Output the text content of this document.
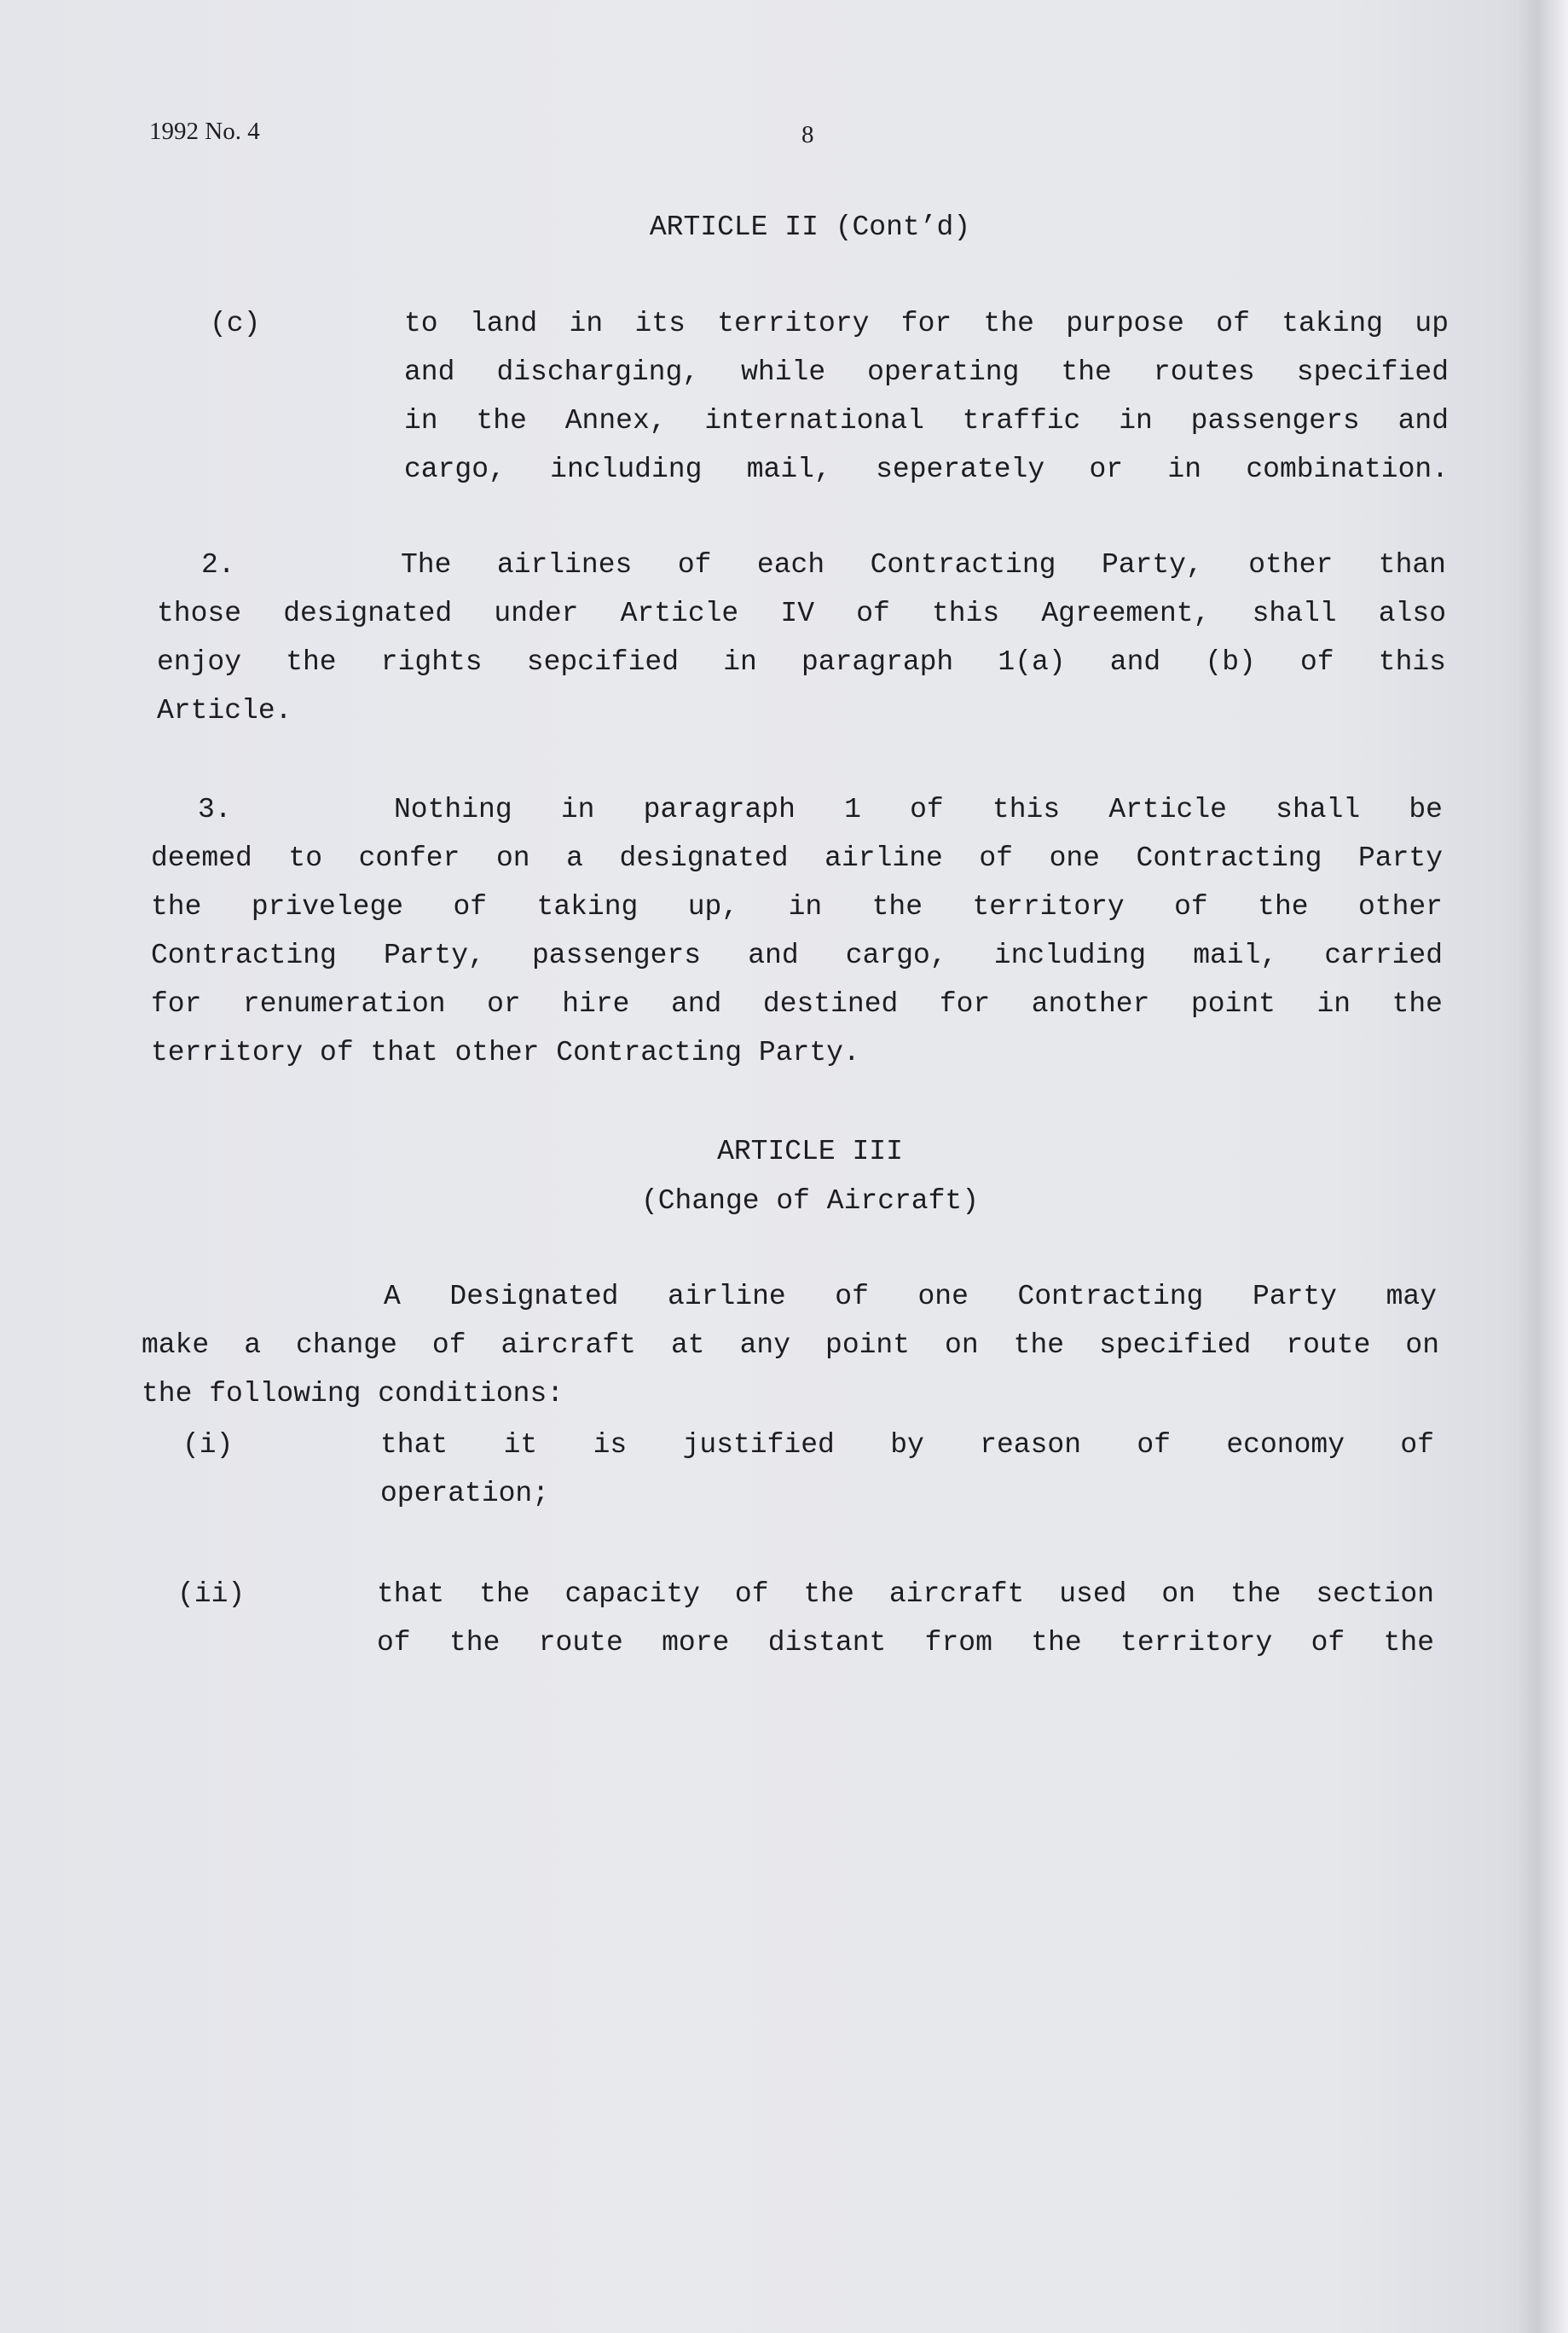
1992 No. 4	8
ARTICLE II (Cont’d)
(c)	to land in its territory for the purpose of taking up
and discharging, while operating the routes specified
in the Annex, international traffic in passengers and
cargo, including mail, seperately or in combination.
2.	The airlines of each Contracting Party, other than
those designated under Article IV of this Agreement, shall also
enjoy the rights sepcified in paragraph 1(a) and (b) of this
Article.
3.	Nothing in paragraph 1 of this Article shall be
deemed to confer on a designated airline of one Contracting Party
the privelege of taking up, in the territory of the other
Contracting Party, passengers and cargo, including mail, carried
for renumeration or hire and destined for another point in the
territory of that other Contracting Party.
ARTICLE III
(Change of Aircraft)
A Designated airline of one Contracting Party may
make a change of aircraft at any point on the specified route on
the following conditions:
(i)	that it is justified by reason of economy of
operation;
(ii)	that the capacity of the aircraft used on the section
of the route more distant from the territory of the
